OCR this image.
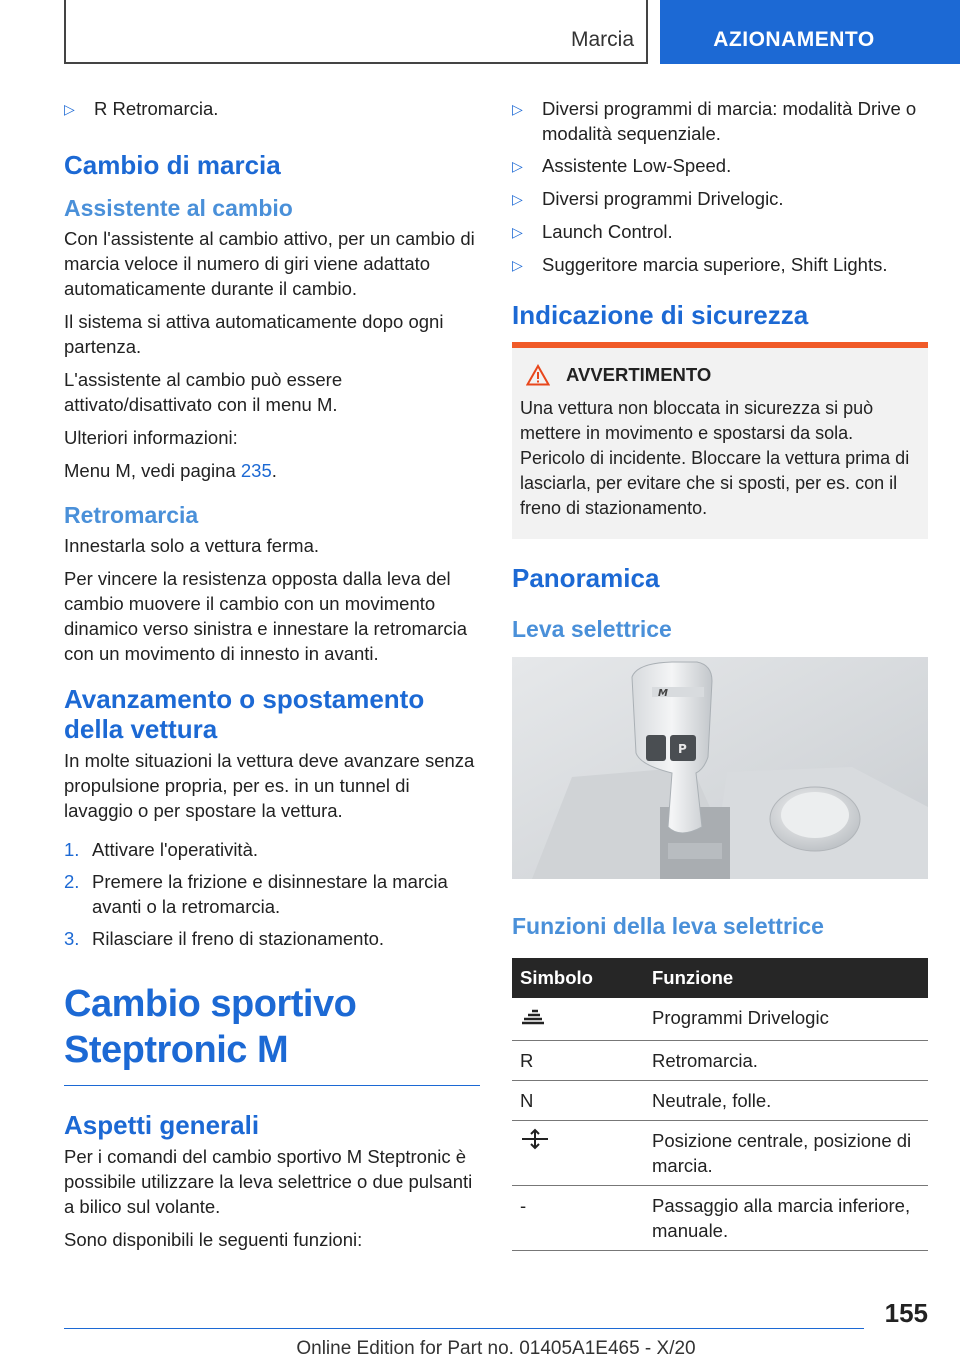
Marcia	AZIONAMENTO
▷	R Retromarcia.
Cambio di marcia
Assistente al cambio

Con l'assistente al cambio attivo, per un cambio di marcia veloce il numero di giri viene adattato automaticamente durante il cambio.

Il sistema si attiva automaticamente dopo ogni partenza.

L'assistente al cambio può essere attivato/disattivato con il menu M.

Ulteriori informazioni:

Menu M, vedi pagina 235.

Retromarcia

Innestarla solo a vettura ferma.

Per vincere la resistenza opposta dalla leva del cambio muovere il cambio con un movimento dinamico verso sinistra e innestare la retromarcia con un movimento di innesto in avanti.

Avanzamento o spostamento della vettura

In molte situazioni la vettura deve avanzare senza propulsione propria, per es. in un tunnel di lavaggio o per spostare la vettura.

1. Attivare l'operatività.
2. Premere la frizione e disinnestare la marcia avanti o la retromarcia.
3. Rilasciare il freno di stazionamento.
Cambio sportivo Steptronic M
Aspetti generali

Per i comandi del cambio sportivo M Steptronic è possibile utilizzare la leva selettrice o due pulsanti a bilico sul volante.

Sono disponibili le seguenti funzioni:

▷	Diversi programmi di marcia: modalità Drive o modalità sequenziale.
▷	Assistente Low-Speed.
▷	Diversi programmi Drivelogic.
▷	Launch Control.
▷	Suggeritore marcia superiore, Shift Lights.
Indicazione di sicurezza
AVVERTIMENTO

Una vettura non bloccata in sicurezza si può mettere in movimento e spostarsi da sola. Pericolo di incidente. Bloccare la vettura prima di lasciarla, per evitare che si sposti, per es. con il freno di stazionamento.

Panoramica
Leva selettrice
M
P
Funzioni della leva selettrice
Simbolo	Funzione
	Programmi Drivelogic
R	Retromarcia.
N	Neutrale, folle.
	Posizione centrale, posizione di marcia.
-	Passaggio alla marcia inferiore, manuale.
155
Online Edition for Part no. 01405A1E465 - X/20
